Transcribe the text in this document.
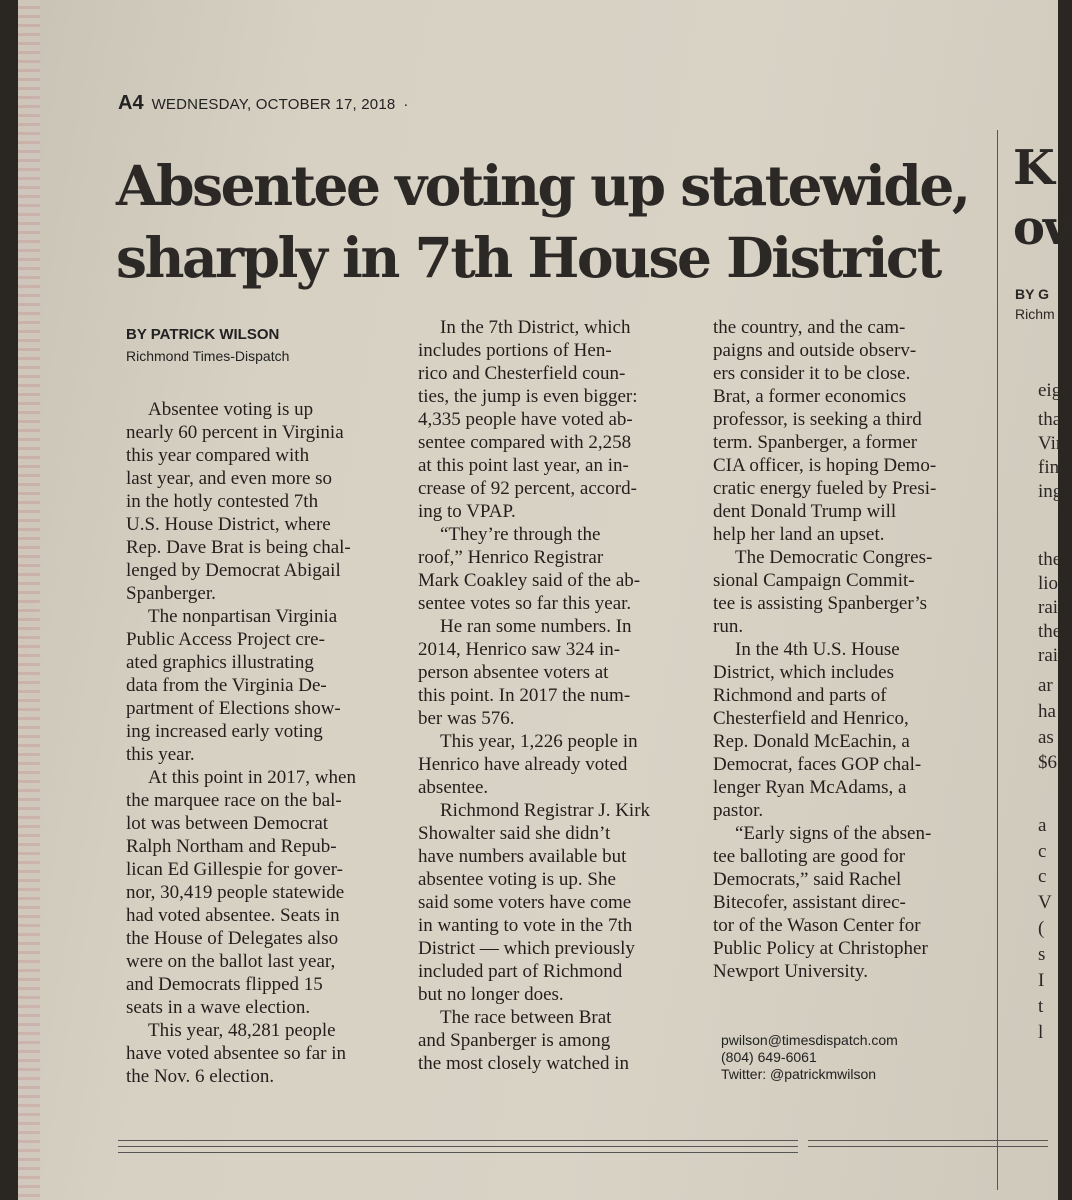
A4 WEDNESDAY, OCTOBER 17, 2018 ·
Absentee voting up statewide,
sharply in 7th House District
BY PATRICK WILSON
Richmond Times-Dispatch
Absentee voting is up
nearly 60 percent in Virginia
this year compared with
last year, and even more so
in the hotly contested 7th
U.S. House District, where
Rep. Dave Brat is being chal-
lenged by Democrat Abigail
Spanberger.
The nonpartisan Virginia
Public Access Project cre-
ated graphics illustrating
data from the Virginia De-
partment of Elections show-
ing increased early voting
this year.
At this point in 2017, when
the marquee race on the bal-
lot was between Democrat
Ralph Northam and Repub-
lican Ed Gillespie for gover-
nor, 30,419 people statewide
had voted absentee. Seats in
the House of Delegates also
were on the ballot last year,
and Democrats flipped 15
seats in a wave election.
This year, 48,281 people
have voted absentee so far in
the Nov. 6 election.
In the 7th District, which
includes portions of Hen-
rico and Chesterfield coun-
ties, the jump is even bigger:
4,335 people have voted ab-
sentee compared with 2,258
at this point last year, an in-
crease of 92 percent, accord-
ing to VPAP.
“They’re through the
roof,” Henrico Registrar
Mark Coakley said of the ab-
sentee votes so far this year.
He ran some numbers. In
2014, Henrico saw 324 in-
person absentee voters at
this point. In 2017 the num-
ber was 576.
This year, 1,226 people in
Henrico have already voted
absentee.
Richmond Registrar J. Kirk
Showalter said she didn’t
have numbers available but
absentee voting is up. She
said some voters have come
in wanting to vote in the 7th
District — which previously
included part of Richmond
but no longer does.
The race between Brat
and Spanberger is among
the most closely watched in
the country, and the cam-
paigns and outside observ-
ers consider it to be close.
Brat, a former economics
professor, is seeking a third
term. Spanberger, a former
CIA officer, is hoping Demo-
cratic energy fueled by Presi-
dent Donald Trump will
help her land an upset.
The Democratic Congres-
sional Campaign Commit-
tee is assisting Spanberger’s
run.
In the 4th U.S. House
District, which includes
Richmond and parts of
Chesterfield and Henrico,
Rep. Donald McEachin, a
Democrat, faces GOP chal-
lenger Ryan McAdams, a
pastor.
“Early signs of the absen-
tee balloting are good for
Democrats,” said Rachel
Bitecofer, assistant direc-
tor of the Wason Center for
Public Policy at Christopher
Newport University.
pwilson@timesdispatch.com
(804) 649-6061
Twitter: @patrickmwilson
K
ov
BY G
Richm
D
eigh
tha
Virg
fina
ing
I
the
lio
rai
the
rai
ar
ha
as
$6
p
a
c
c
V
(
s
I
t
l
